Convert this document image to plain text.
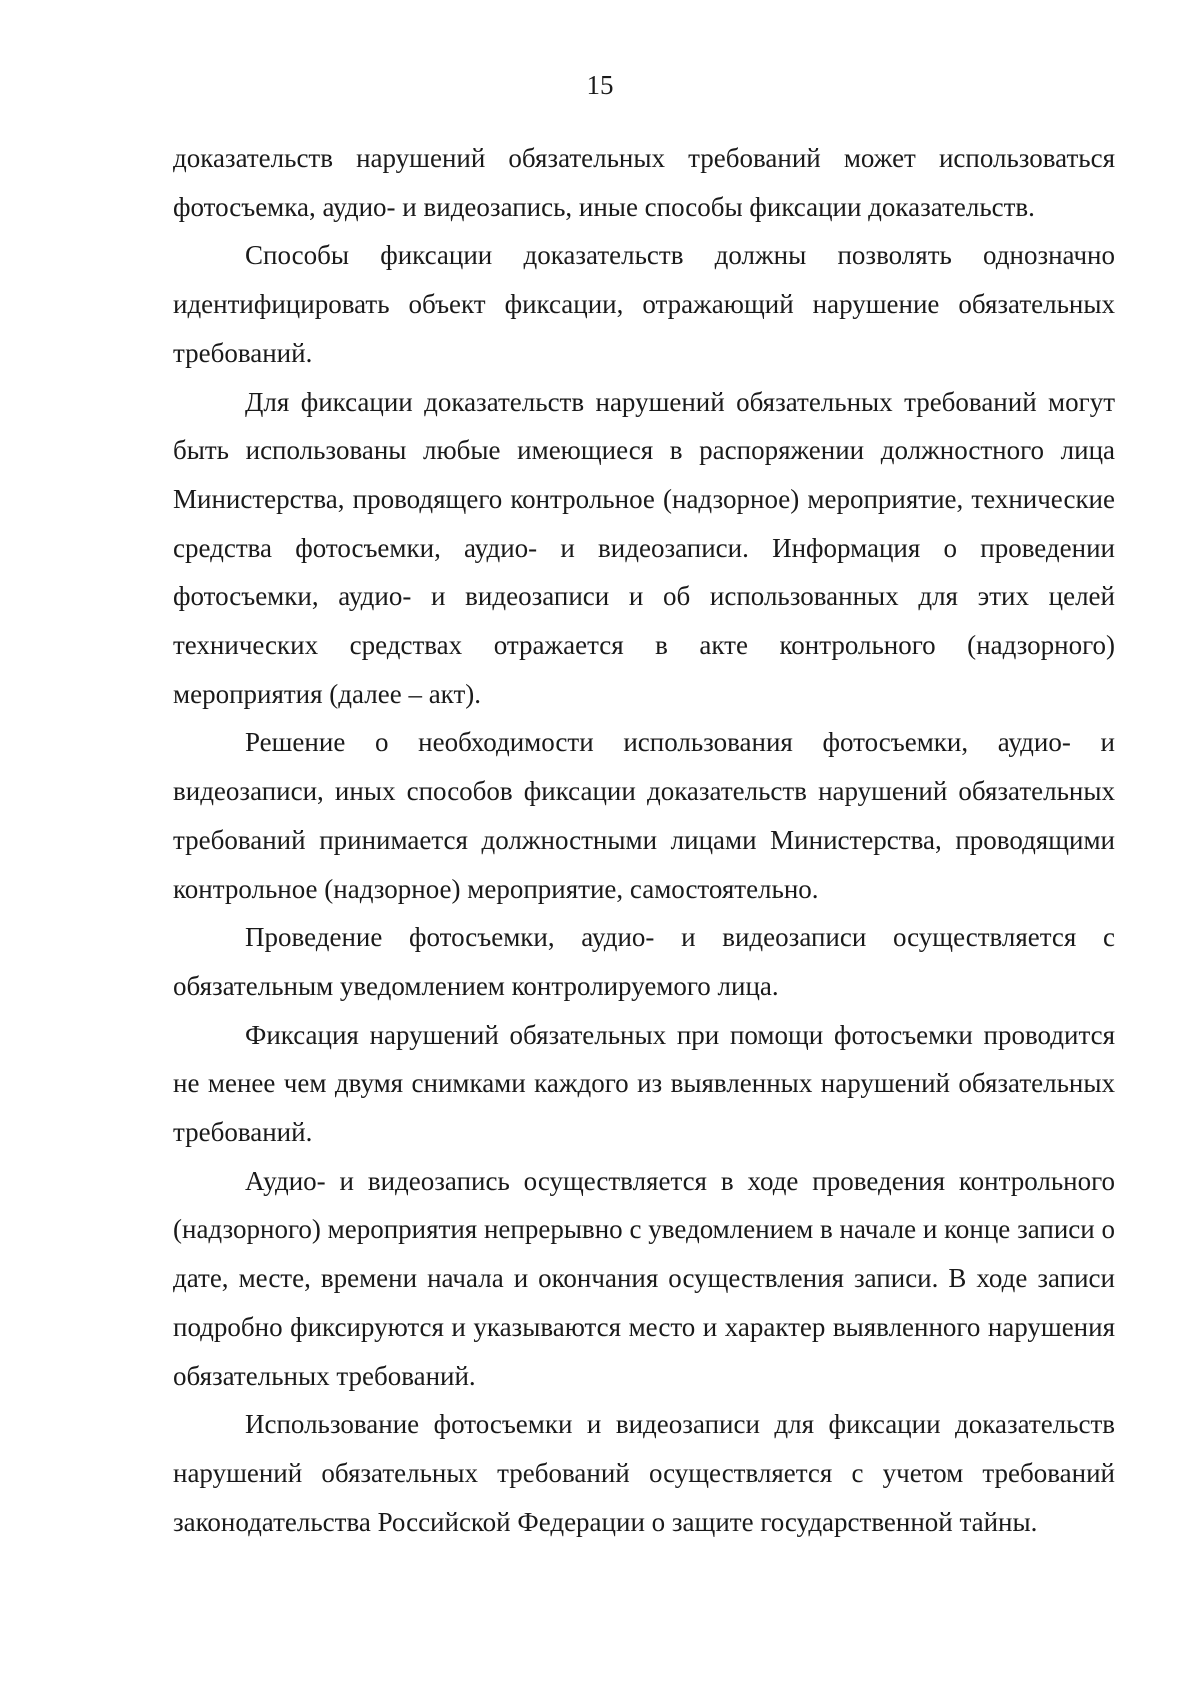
15

доказательств нарушений обязательных требований может использоваться фотосъемка, аудио- и видеозапись, иные способы фиксации доказательств.

Способы фиксации доказательств должны позволять однозначно идентифицировать объект фиксации, отражающий нарушение обязательных требований.

Для фиксации доказательств нарушений обязательных требований могут быть использованы любые имеющиеся в распоряжении должностного лица Министерства, проводящего контрольное (надзорное) мероприятие, технические средства фотосъемки, аудио- и видеозаписи. Информация о проведении фотосъемки, аудио- и видеозаписи и об использованных для этих целей технических средствах отражается в акте контрольного (надзорного) мероприятия (далее – акт).

Решение о необходимости использования фотосъемки, аудио- и видеозаписи, иных способов фиксации доказательств нарушений обязательных требований принимается должностными лицами Министерства, проводящими контрольное (надзорное) мероприятие, самостоятельно.

Проведение фотосъемки, аудио- и видеозаписи осуществляется с обязательным уведомлением контролируемого лица.

Фиксация нарушений обязательных при помощи фотосъемки проводится не менее чем двумя снимками каждого из выявленных нарушений обязательных требований.

Аудио- и видеозапись осуществляется в ходе проведения контрольного (надзорного) мероприятия непрерывно с уведомлением в начале и конце записи о дате, месте, времени начала и окончания осуществления записи. В ходе записи подробно фиксируются и указываются место и характер выявленного нарушения обязательных требований.

Использование фотосъемки и видеозаписи для фиксации доказательств нарушений обязательных требований осуществляется с учетом требований законодательства Российской Федерации о защите государственной тайны.
